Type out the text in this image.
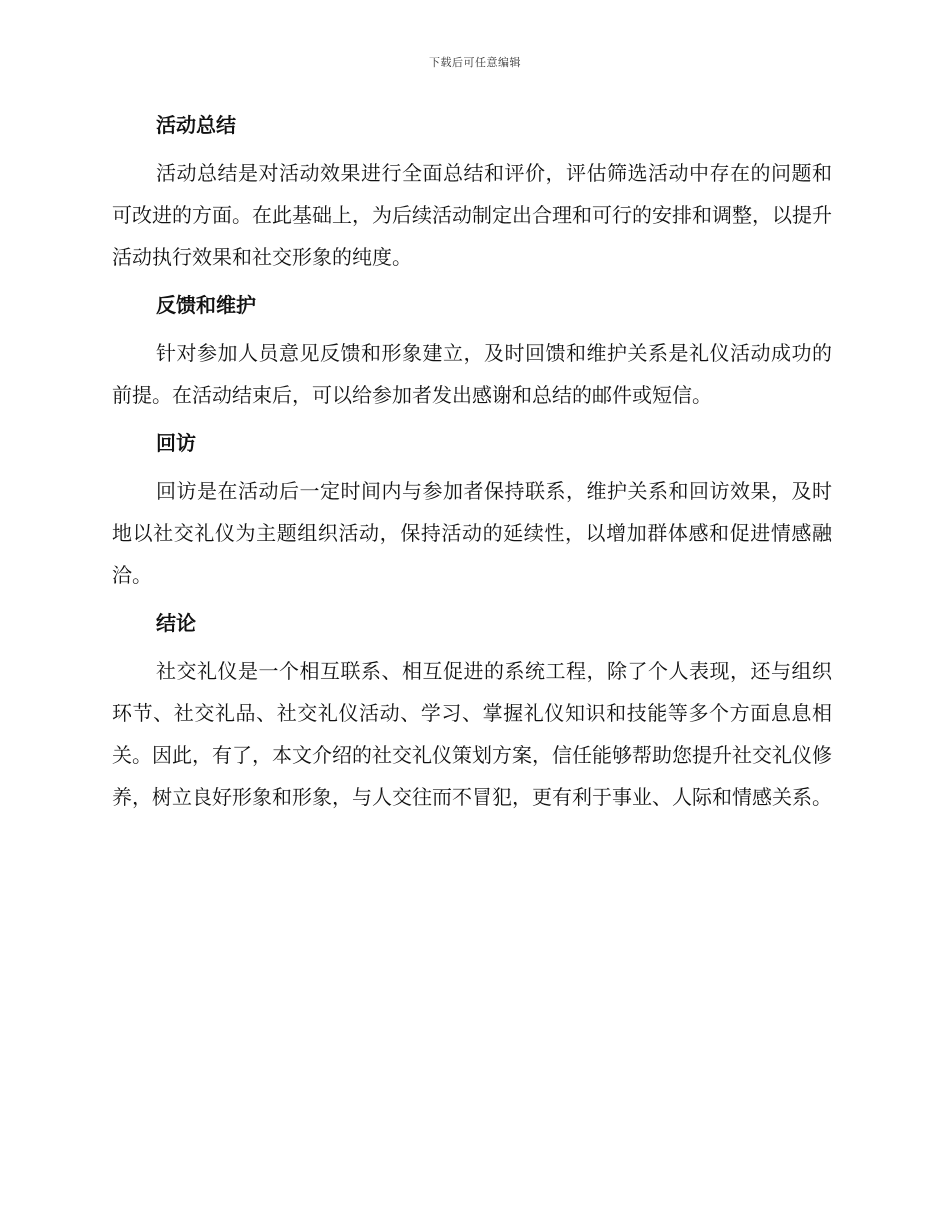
下载后可任意编辑
活动总结

活动总结是对活动效果进行全面总结和评价，评估筛选活动中存在的问题和可改进的方面。在此基础上，为后续活动制定出合理和可行的安排和调整，以提升活动执行效果和社交形象的纯度。

反馈和维护

针对参加人员意见反馈和形象建立，及时回馈和维护关系是礼仪活动成功的前提。在活动结束后，可以给参加者发出感谢和总结的邮件或短信。

回访

回访是在活动后一定时间内与参加者保持联系，维护关系和回访效果，及时地以社交礼仪为主题组织活动，保持活动的延续性，以增加群体感和促进情感融洽。

结论

社交礼仪是一个相互联系、相互促进的系统工程，除了个人表现，还与组织环节、社交礼品、社交礼仪活动、学习、掌握礼仪知识和技能等多个方面息息相关。因此，有了，本文介绍的社交礼仪策划方案，信任能够帮助您提升社交礼仪修养，树立良好形象和形象，与人交往而不冒犯，更有利于事业、人际和情感关系。
